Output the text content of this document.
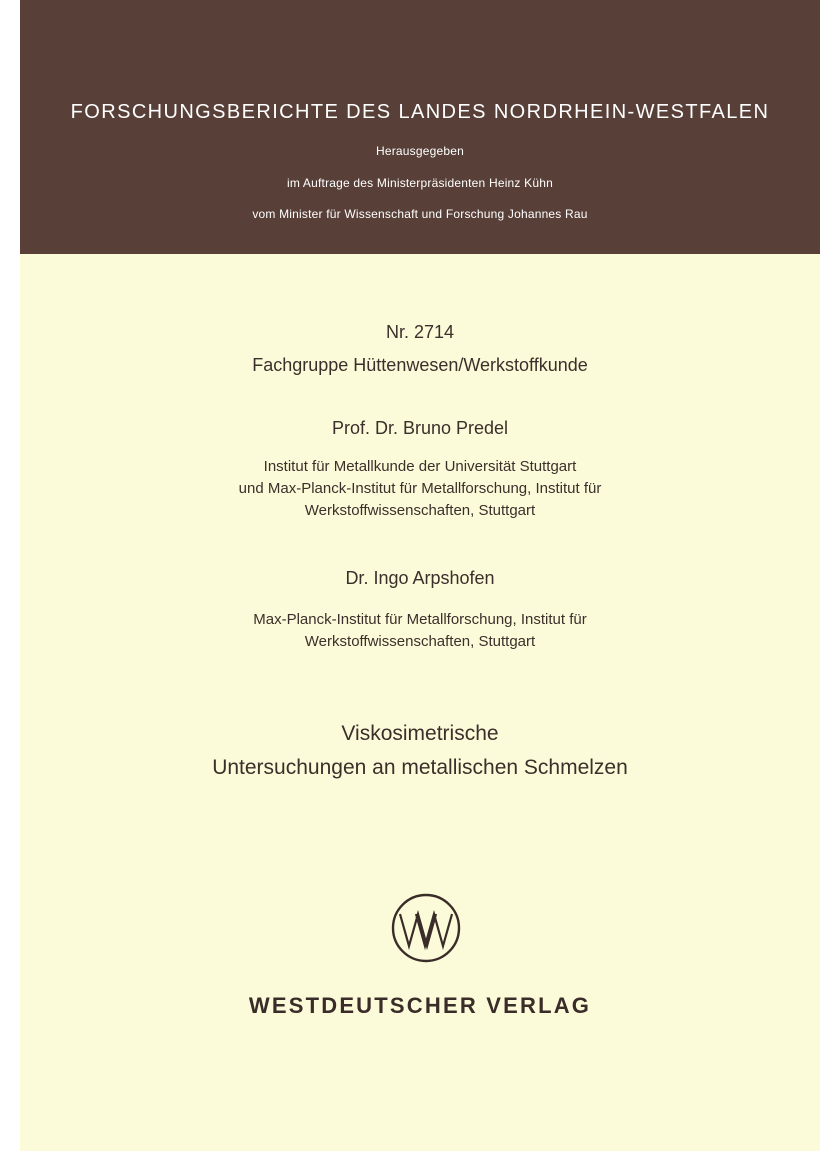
FORSCHUNGSBERICHTE DES LANDES NORDRHEIN-WESTFALEN
Herausgegeben
im Auftrage des Ministerpräsidenten Heinz Kühn
vom Minister für Wissenschaft und Forschung Johannes Rau
Nr. 2714
Fachgruppe Hüttenwesen/Werkstoffkunde
Prof. Dr. Bruno Predel
Institut für Metallkunde der Universität Stuttgart
und Max-Planck-Institut für Metallforschung, Institut für
Werkstoffwissenschaften, Stuttgart
Dr. Ingo Arpshofen
Max-Planck-Institut für Metallforschung, Institut für
Werkstoffwissenschaften, Stuttgart
Viskosimetrische
Untersuchungen an metallischen Schmelzen
WESTDEUTSCHER VERLAG
